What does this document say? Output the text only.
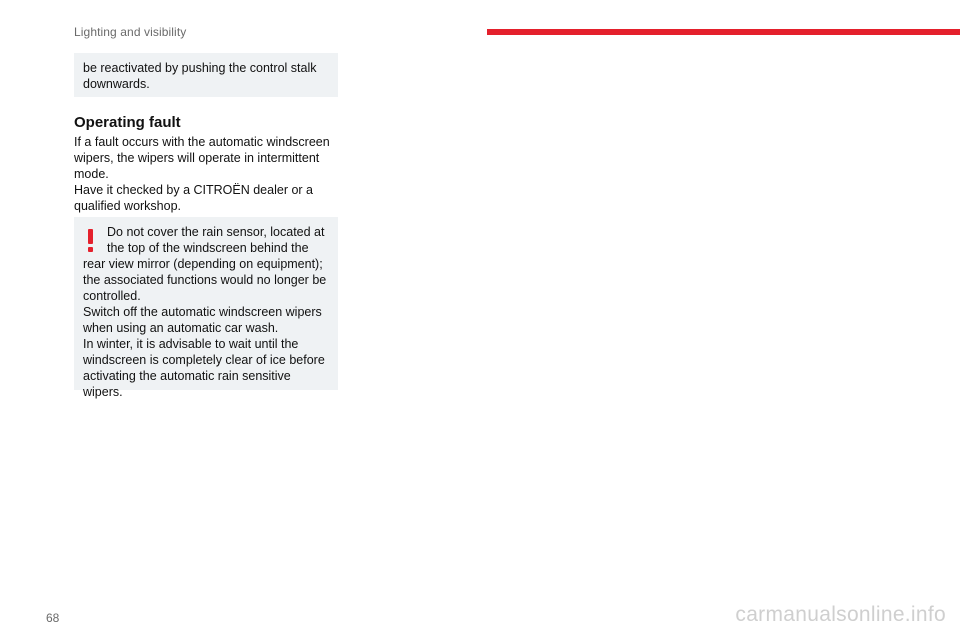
Lighting and visibility
be reactivated by pushing the control stalk downwards.
Operating fault

If a fault occurs with the automatic windscreen wipers, the wipers will operate in intermittent mode.

Have it checked by a CITROËN dealer or a qualified workshop.

Do not cover the rain sensor, located at the top of the windscreen behind the rear view mirror (depending on equipment); the associated functions would no longer be controlled.

Switch off the automatic windscreen wipers when using an automatic car wash.

In winter, it is advisable to wait until the windscreen is completely clear of ice before activating the automatic rain sensitive wipers.

68	carmanualsonline.info
